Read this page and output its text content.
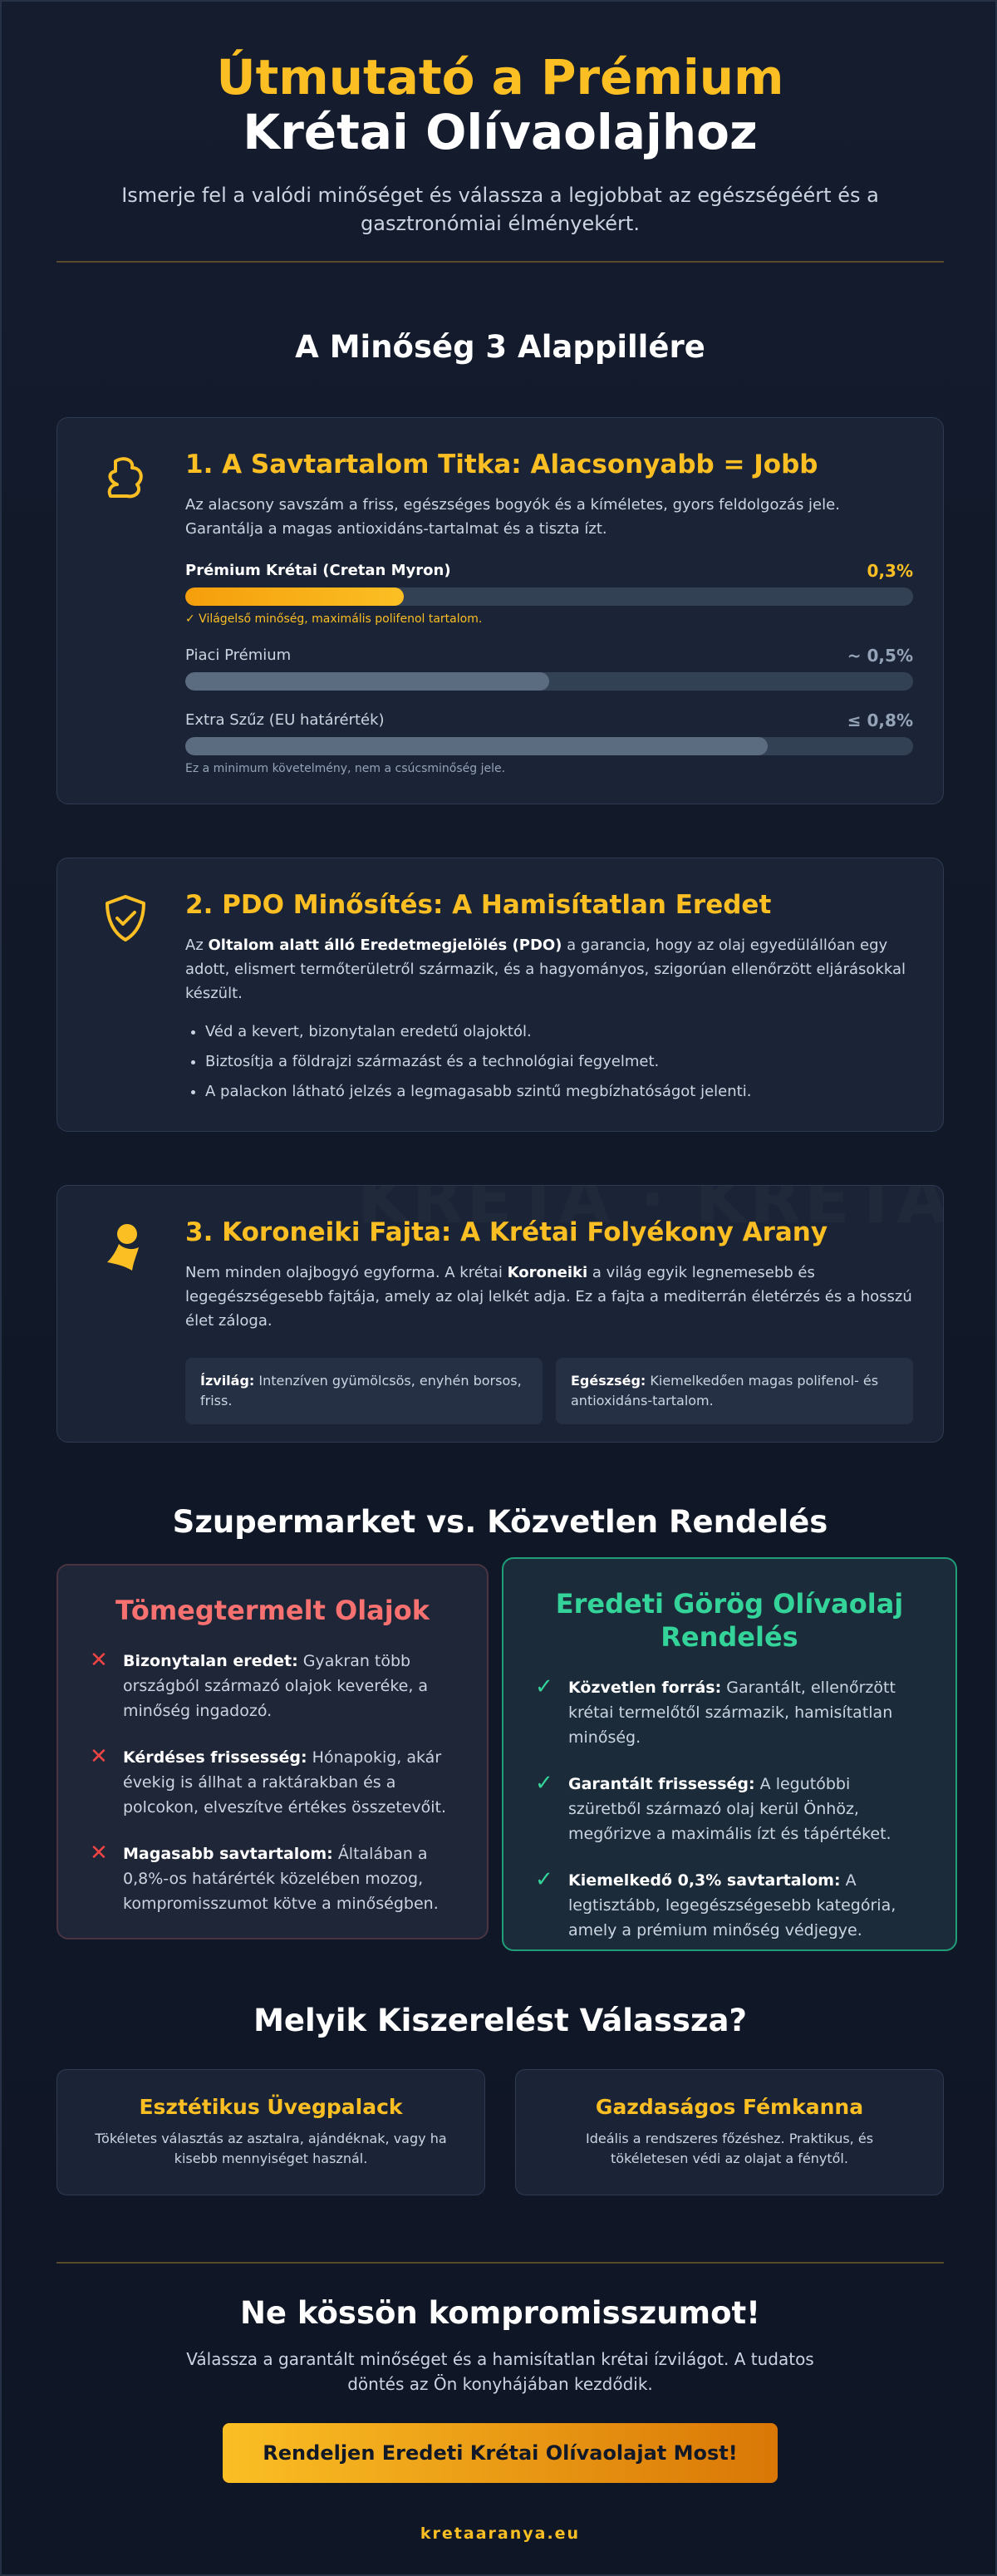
Útmutató a Prémium
Krétai Olívaolajhoz
Ismerje fel a valódi minőséget és válassza a legjobbat az egészségéért és a gasztronómiai élményekért.
A Minőség 3 Alappillére
1. A Savtartalom Titka: Alacsonyabb = Jobb
Az alacsony savszám a friss, egészséges bogyók és a kíméletes, gyors feldolgozás jele. Garantálja a magas antioxidáns-tartalmat és a tiszta ízt.
Prémium Krétai (Cretan Myron)	0,3%
✓ Világelső minőség, maximális polifenol tartalom.
Piaci Prémium	~ 0,5%
Extra Szűz (EU határérték)	≤ 0,8%
Ez a minimum követelmény, nem a csúcsminőség jele.
2. PDO Minősítés: A Hamisítatlan Eredet
Az Oltalom alatt álló Eredetmegjelölés (PDO) a garancia, hogy az olaj egyedülállóan egy adott, elismert termőterületről származik, és a hagyományos, szigorúan ellenőrzött eljárásokkal készült.
• Véd a kevert, bizonytalan eredetű olajoktól.
• Biztosítja a földrajzi származást és a technológiai fegyelmet.
• A palackon látható jelzés a legmagasabb szintű megbízhatóságot jelenti.
3. Koroneiki Fajta: A Krétai Folyékony Arany
Nem minden olajbogyó egyforma. A krétai Koroneiki a világ egyik legnemesebb és legegészségesebb fajtája, amely az olaj lelkét adja. Ez a fajta a mediterrán életérzés és a hosszú élet záloga.
Ízvilág: Intenzíven gyümölcsös, enyhén borsos, friss.
Egészség: Kiemelkedően magas polifenol- és antioxidáns-tartalom.
Szupermarket vs. Közvetlen Rendelés
Tömegtermelt Olajok
✕ Bizonytalan eredet: Gyakran több országból származó olajok keveréke, a minőség ingadozó.
✕ Kérdéses frissesség: Hónapokig, akár évekig is állhat a raktárakban és a polcokon, elveszítve értékes összetevőit.
✕ Magasabb savtartalom: Általában a 0,8%-os határérték közelében mozog, kompromisszumot kötve a minőségben.
Eredeti Görög Olívaolaj Rendelés
✓ Közvetlen forrás: Garantált, ellenőrzött krétai termelőtől származik, hamisítatlan minőség.
✓ Garantált frissesség: A legutóbbi szüretből származó olaj kerül Önhöz, megőrizve a maximális ízt és tápértéket.
✓ Kiemelkedő 0,3% savtartalom: A legtisztább, legegészségesebb kategória, amely a prémium minőség védjegye.
Melyik Kiszerelést Válassza?
Esztétikus Üvegpalack
Tökéletes választás az asztalra, ajándéknak, vagy ha kisebb mennyiséget használ.
Gazdaságos Fémkanna
Ideális a rendszeres főzéshez. Praktikus, és tökéletesen védi az olajat a fénytől.
Ne kössön kompromisszumot!
Válassza a garantált minőséget és a hamisítatlan krétai ízvilágot. A tudatos döntés az Ön konyhájában kezdődik.
Rendeljen Eredeti Krétai Olívaolajat Most!
kretaaranya.eu
